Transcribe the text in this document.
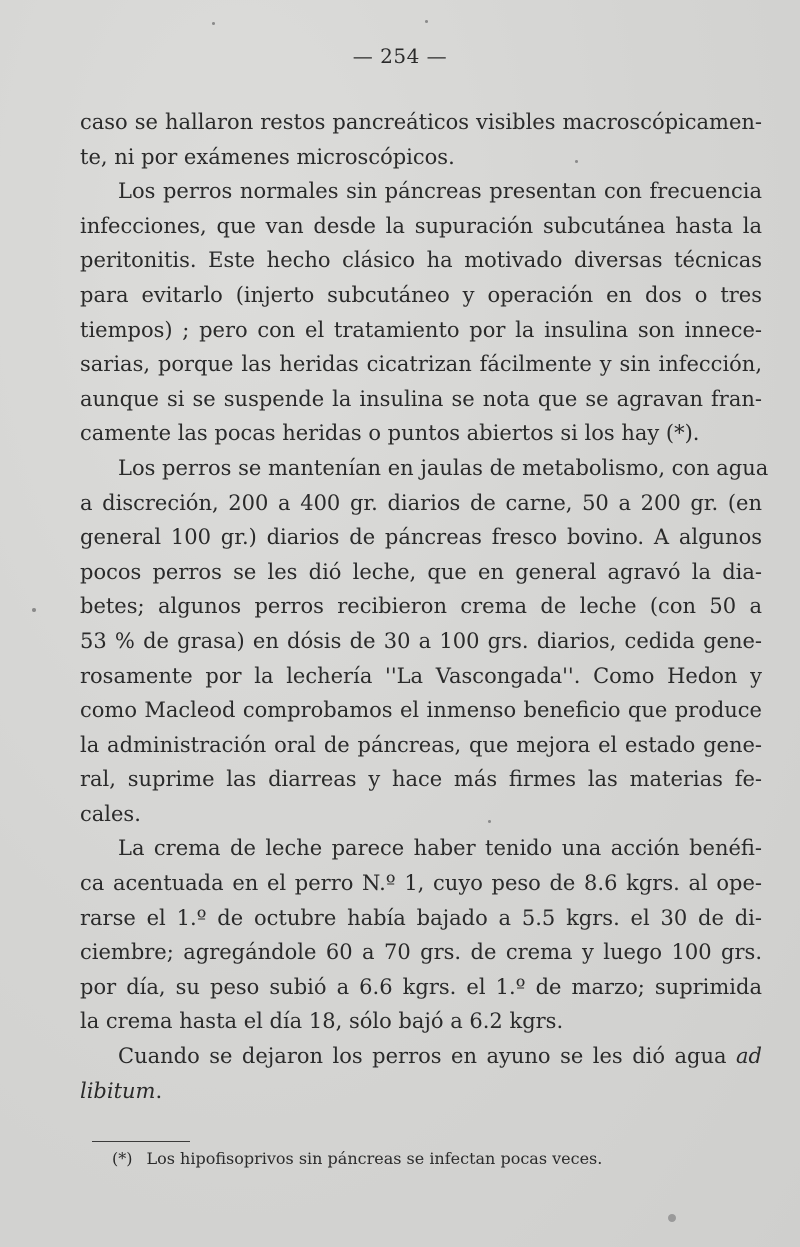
— 254 —

caso se hallaron restos pancreáticos visibles macroscópicamen-
te, ni por exámenes microscópicos.

Los perros normales sin páncreas presentan con frecuencia
infecciones, que van desde la supuración subcutánea hasta la
peritonitis. Este hecho clásico ha motivado diversas técnicas
para evitarlo (injerto subcutáneo y operación en dos o tres
tiempos) ; pero con el tratamiento por la insulina son innece-
sarias, porque las heridas cicatrizan fácilmente y sin infección,
aunque si se suspende la insulina se nota que se agravan fran-
camente las pocas heridas o puntos abiertos si los hay (*).

Los perros se mantenían en jaulas de metabolismo, con agua
a discreción, 200 a 400 gr. diarios de carne, 50 a 200 gr. (en
general 100 gr.) diarios de páncreas fresco bovino. A algunos
pocos perros se les dió leche, que en general agravó la dia-
betes; algunos perros recibieron crema de leche (con 50 a
53 % de grasa) en dósis de 30 a 100 grs. diarios, cedida gene-
rosamente por la lechería ''La Vascongada''. Como Hedon y
como Macleod comprobamos el inmenso beneficio que produce
la administración oral de páncreas, que mejora el estado gene-
ral, suprime las diarreas y hace más firmes las materias fe-
cales.

La crema de leche parece haber tenido una acción benéfi-
ca acentuada en el perro N.º 1, cuyo peso de 8.6 kgrs. al ope-
rarse el 1.º de octubre había bajado a 5.5 kgrs. el 30 de di-
ciembre; agregándole 60 a 70 grs. de crema y luego 100 grs.
por día, su peso subió a 6.6 kgrs. el 1.º de marzo; suprimida
la crema hasta el día 18, sólo bajó a 6.2 kgrs.

Cuando se dejaron los perros en ayuno se les dió agua ad
libitum.

(*) Los hipofisoprivos sin páncreas se infectan pocas veces.
